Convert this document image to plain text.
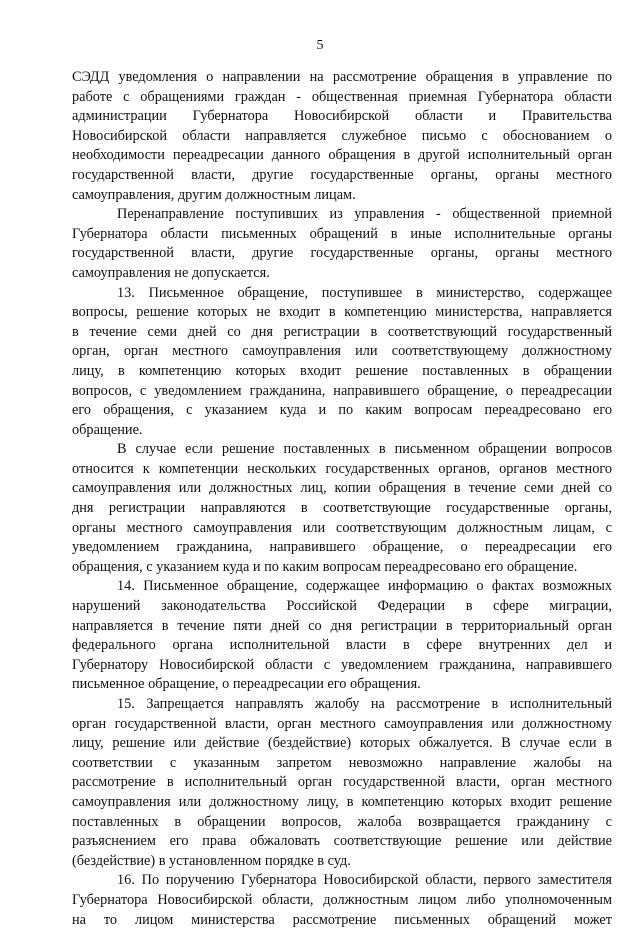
5
СЭДД уведомления о направлении на рассмотрение обращения в управление по
работе с обращениями граждан - общественная приемная Губернатора области
администрации Губернатора Новосибирской области и Правительства
Новосибирской области направляется служебное письмо с обоснованием о
необходимости переадресации данного обращения в другой исполнительный орган
государственной власти, другие государственные органы, органы местного
самоуправления, другим должностным лицам.
Перенаправление поступивших из управления - общественной приемной
Губернатора области письменных обращений в иные исполнительные органы
государственной власти, другие государственные органы, органы местного
самоуправления не допускается.
13. Письменное обращение, поступившее в министерство, содержащее
вопросы, решение которых не входит в компетенцию министерства, направляется
в течение семи дней со дня регистрации в соответствующий государственный
орган, орган местного самоуправления или соответствующему должностному
лицу, в компетенцию которых входит решение поставленных в обращении
вопросов, с уведомлением гражданина, направившего обращение, о переадресации
его обращения, с указанием куда и по каким вопросам переадресовано его
обращение.
В случае если решение поставленных в письменном обращении вопросов
относится к компетенции нескольких государственных органов, органов местного
самоуправления или должностных лиц, копии обращения в течение семи дней со
дня регистрации направляются в соответствующие государственные органы,
органы местного самоуправления или соответствующим должностным лицам, с
уведомлением гражданина, направившего обращение, о переадресации его
обращения, с указанием куда и по каким вопросам переадресовано его обращение.
14. Письменное обращение, содержащее информацию о фактах возможных
нарушений законодательства Российской Федерации в сфере миграции,
направляется в течение пяти дней со дня регистрации в территориальный орган
федерального органа исполнительной власти в сфере внутренних дел и
Губернатору Новосибирской области с уведомлением гражданина, направившего
письменное обращение, о переадресации его обращения.
15. Запрещается направлять жалобу на рассмотрение в исполнительный
орган государственной власти, орган местного самоуправления или должностному
лицу, решение или действие (бездействие) которых обжалуется. В случае если в
соответствии с указанным запретом невозможно направление жалобы на
рассмотрение в исполнительный орган государственной власти, орган местного
самоуправления или должностному лицу, в компетенцию которых входит решение
поставленных в обращении вопросов, жалоба возвращается гражданину с
разъяснением его права обжаловать соответствующие решение или действие
(бездействие) в установленном порядке в суд.
16. По поручению Губернатора Новосибирской области, первого заместителя
Губернатора Новосибирской области, должностным лицом либо уполномоченным
на то лицом министерства рассмотрение письменных обращений может
